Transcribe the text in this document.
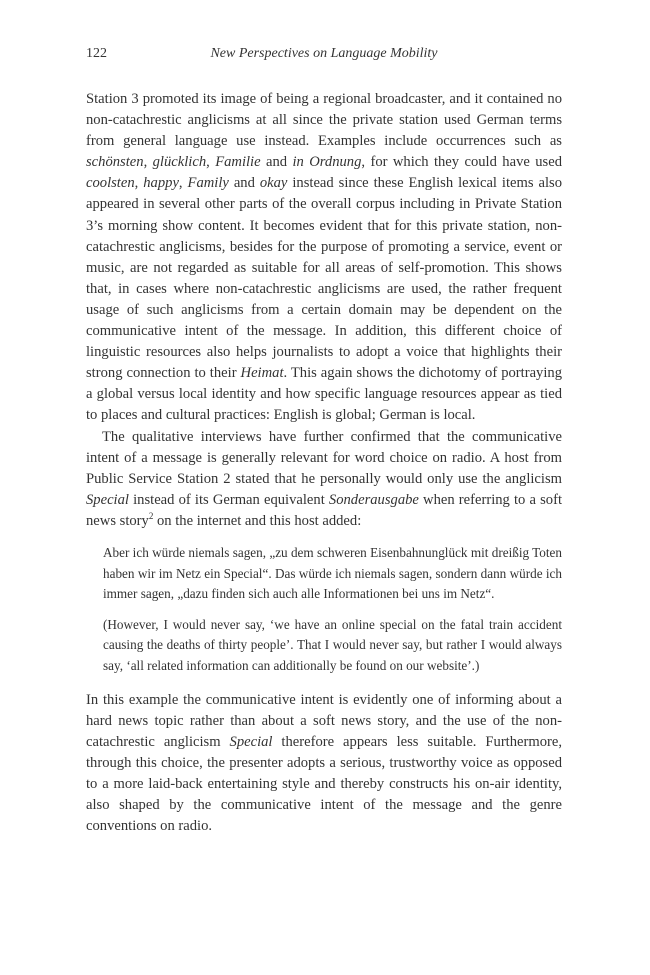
122	New Perspectives on Language Mobility

Station 3 promoted its image of being a regional broadcaster, and it contained no non-catachrestic anglicisms at all since the private station used German terms from general language use instead. Examples include occurrences such as schönsten, glücklich, Familie and in Ordnung, for which they could have used coolsten, happy, Family and okay instead since these English lexical items also appeared in several other parts of the overall corpus including in Private Station 3’s morning show content. It becomes evident that for this private station, non-catachrestic anglicisms, besides for the purpose of promoting a service, event or music, are not regarded as suitable for all areas of self-promotion. This shows that, in cases where non-catachrestic anglicisms are used, the rather frequent usage of such anglicisms from a certain domain may be dependent on the communicative intent of the message. In addition, this different choice of linguistic resources also helps journalists to adopt a voice that highlights their strong connection to their Heimat. This again shows the dichotomy of portraying a global versus local identity and how specific language resources appear as tied to places and cultural practices: English is global; German is local.

The qualitative interviews have further confirmed that the communicative intent of a message is generally relevant for word choice on radio. A host from Public Service Station 2 stated that he personally would only use the anglicism Special instead of its German equivalent Sonderausgabe when referring to a soft news story$^2$ on the internet and this host added:

Aber ich würde niemals sagen, „zu dem schweren Eisenbahnunglück mit dreißig Toten haben wir im Netz ein Special“. Das würde ich niemals sagen, sondern dann würde ich immer sagen, „dazu finden sich auch alle Informationen bei uns im Netz“.

(However, I would never say, ‘we have an online special on the fatal train accident causing the deaths of thirty people’. That I would never say, but rather I would always say, ‘all related information can additionally be found on our website’.)

In this example the communicative intent is evidently one of informing about a hard news topic rather than about a soft news story, and the use of the non-catachrestic anglicism Special therefore appears less suitable. Furthermore, through this choice, the presenter adopts a serious, trustworthy voice as opposed to a more laid-back entertaining style and thereby constructs his on-air identity, also shaped by the communicative intent of the message and the genre conventions on radio.
